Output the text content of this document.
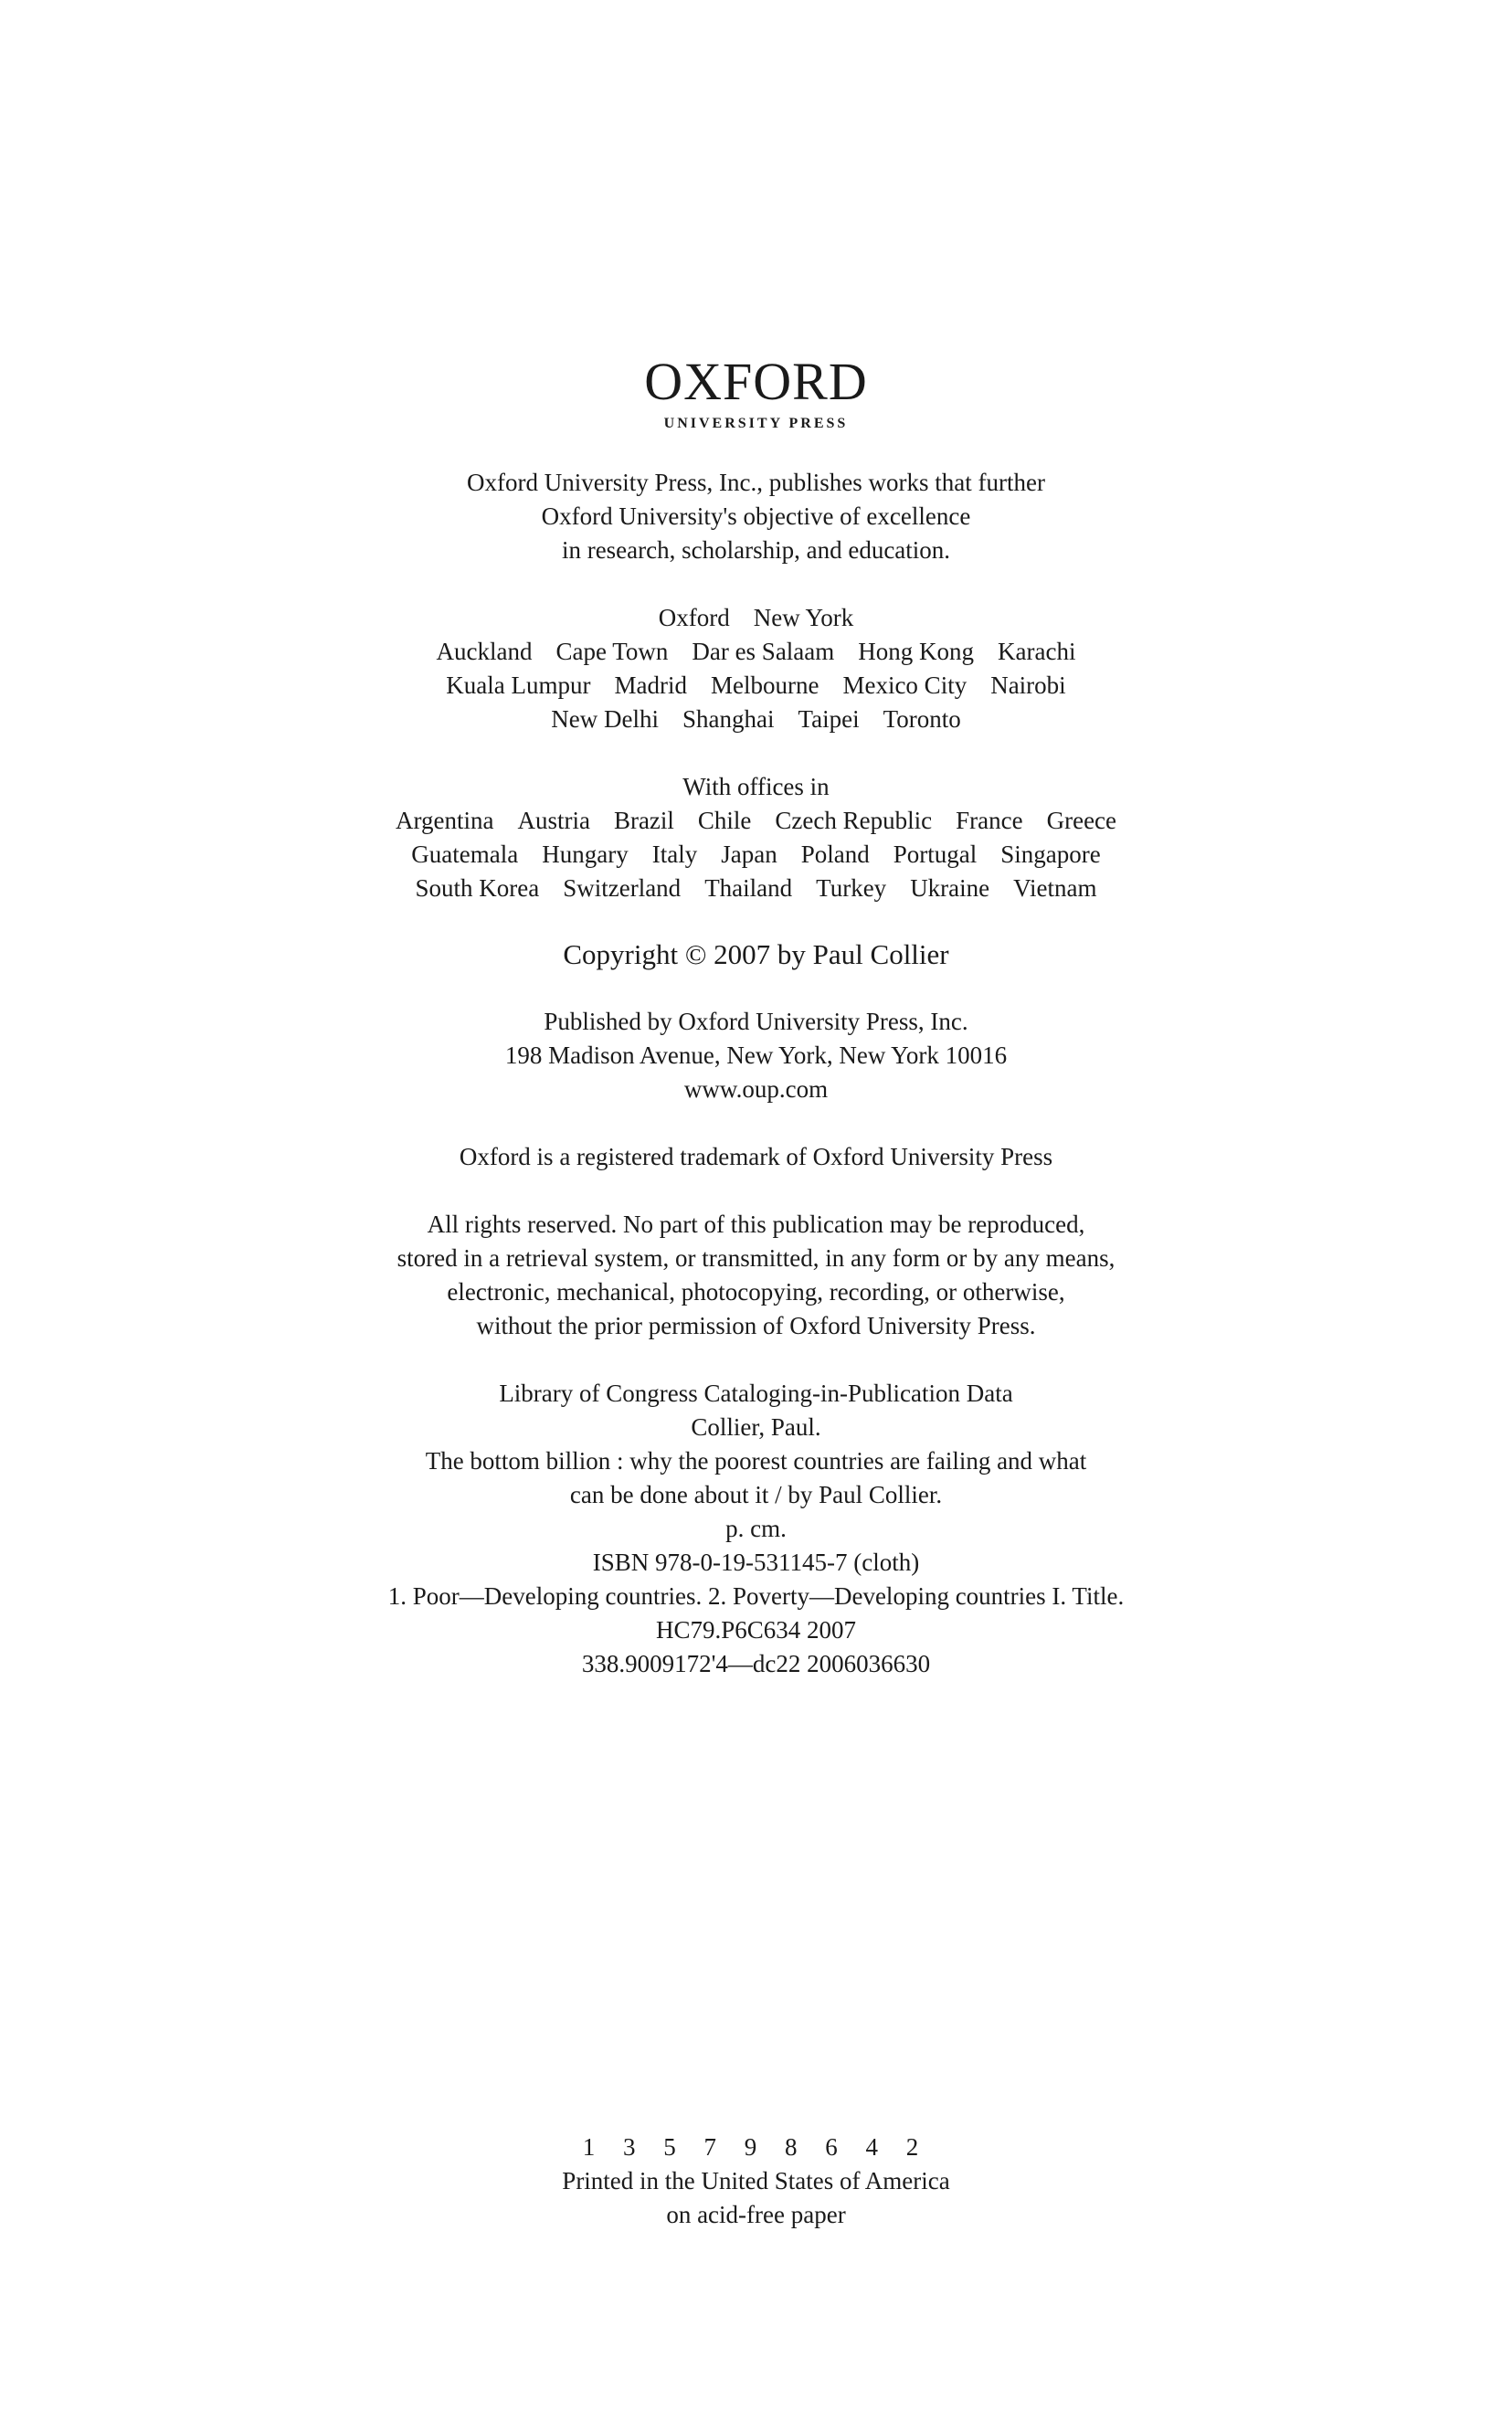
OXFORD
UNIVERSITY PRESS
Oxford University Press, Inc., publishes works that further
Oxford University's objective of excellence
in research, scholarship, and education.
Oxford New York
Auckland Cape Town Dar es Salaam Hong Kong Karachi
Kuala Lumpur Madrid Melbourne Mexico City Nairobi
New Delhi Shanghai Taipei Toronto
With offices in
Argentina Austria Brazil Chile Czech Republic France Greece
Guatemala Hungary Italy Japan Poland Portugal Singapore
South Korea Switzerland Thailand Turkey Ukraine Vietnam
Copyright © 2007 by Paul Collier
Published by Oxford University Press, Inc.
198 Madison Avenue, New York, New York 10016
www.oup.com
Oxford is a registered trademark of Oxford University Press
All rights reserved. No part of this publication may be reproduced,
stored in a retrieval system, or transmitted, in any form or by any means,
electronic, mechanical, photocopying, recording, or otherwise,
without the prior permission of Oxford University Press.
Library of Congress Cataloging-in-Publication Data
Collier, Paul.
The bottom billion : why the poorest countries are failing and what
can be done about it / by Paul Collier.
p. cm.
ISBN 978-0-19-531145-7 (cloth)
1. Poor—Developing countries. 2. Poverty—Developing countries I. Title.
HC79.P6C634 2007
338.9009172'4—dc22 2006036630
1 3 5 7 9 8 6 4 2
Printed in the United States of America
on acid-free paper
